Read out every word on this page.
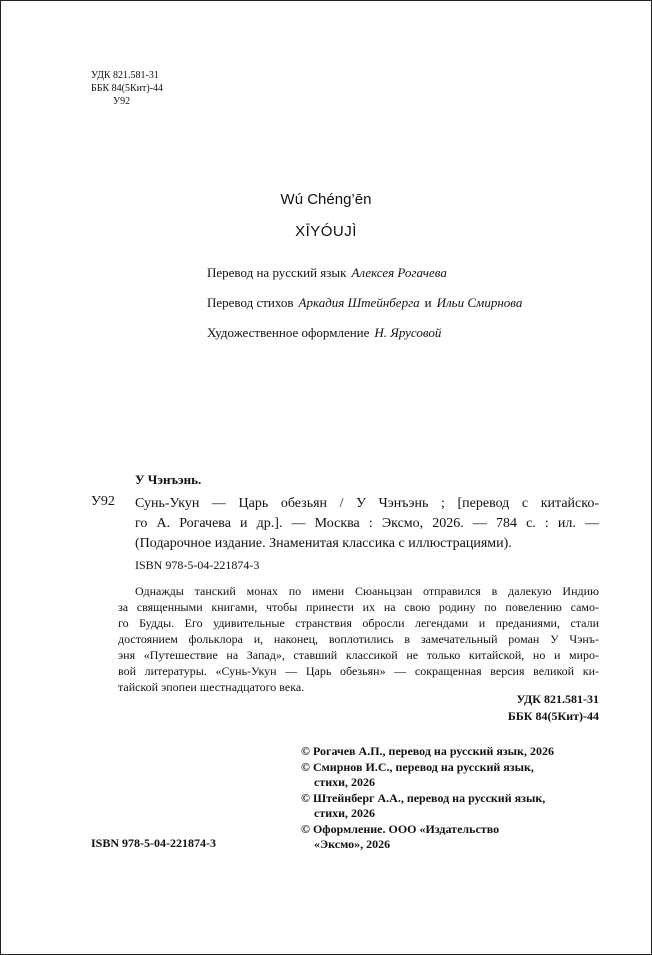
УДК 821.581-31
ББК 84(5Кит)-44
У92
Wú Chéng’ēn
XĪYÓUJÌ
Перевод на русский язык Алексея Рогачева
Перевод стихов Аркадия Штейнберга и Ильи Смирнова
Художественное оформление Н. Ярусовой
У Чэнъэнь.
У92 Сунь-Укун — Царь обезьян / У Чэнъэнь ; [перевод с китайско-
го А. Рогачева и др.]. — Москва : Эксмо, 2026. — 784 с. : ил. —
(Подарочное издание. Знаменитая классика с иллюстрациями).
ISBN 978-5-04-221874-3
Однажды танский монах по имени Сюаньцзан отправился в далекую Индию
за священными книгами, чтобы принести их на свою родину по повелению само-
го Будды. Его удивительные странствия обросли легендами и преданиями, стали
достоянием фольклора и, наконец, воплотились в замечательный роман У Чэнъ-
эня «Путешествие на Запад», ставший классикой не только китайской, но и миро-
вой литературы. «Сунь-Укун — Царь обезьян» — сокращенная версия великой ки-
тайской эпопеи шестнадцатого века.
УДК 821.581-31
ББК 84(5Кит)-44
© Рогачев А.П., перевод на русский язык, 2026
© Смирнов И.С., перевод на русский язык,
стихи, 2026
© Штейнберг А.А., перевод на русский язык,
стихи, 2026
© Оформление. ООО «Издательство
«Эксмо», 2026
ISBN 978-5-04-221874-3
